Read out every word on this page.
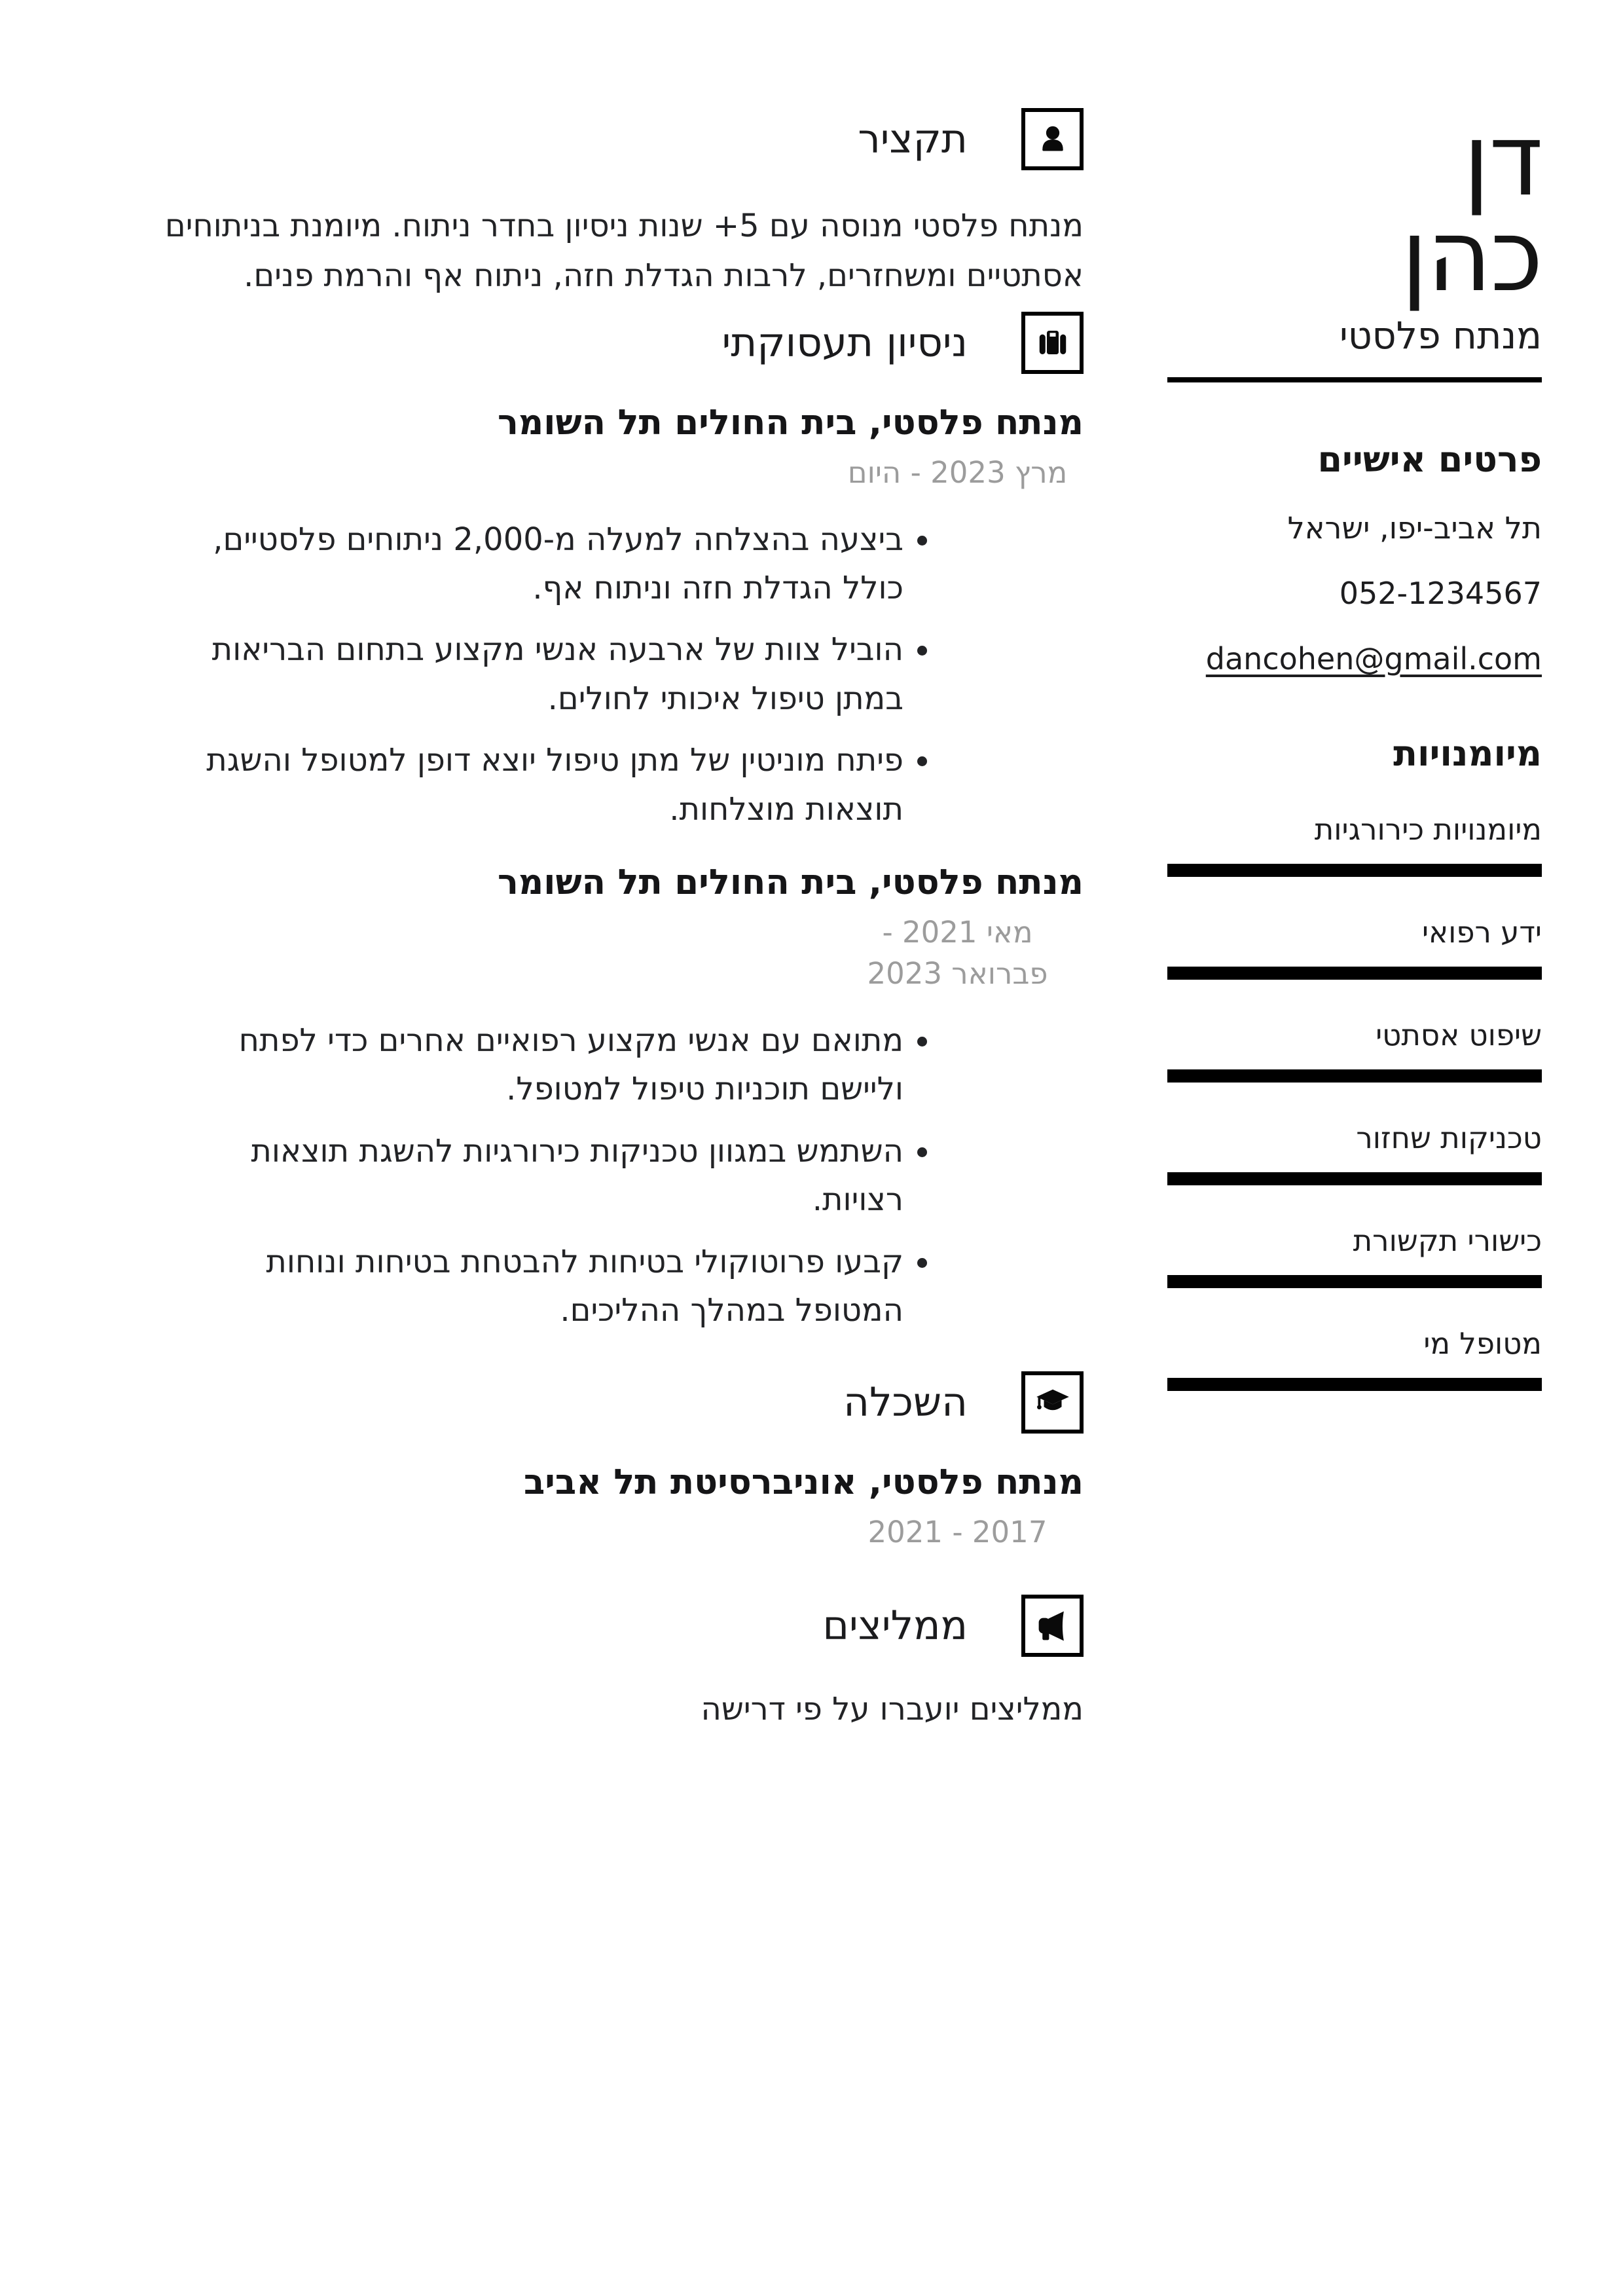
דן
כהן
מנתח פלסטי
פרטים אישיים
תל אביב-יפו, ישראל
052-1234567
dancohen@gmail.com
מיומנויות
מיומנויות כירורגיות
ידע רפואי
שיפוט אסתטי
טכניקות שחזור
כישורי תקשורת
מטופל מי
תקציר

מנתח פלסטי מנוסה עם 5+ שנות ניסיון בחדר ניתוח. מיומנת בניתוחים אסתטיים ומשחזרים, לרבות הגדלת חזה, ניתוח אף והרמת פנים.

ניסיון תעסוקתי
מנתח פלסטי, בית החולים תל השומר
מרץ 2023 - היום
• ביצעה בהצלחה למעלה מ-2,000 ניתוחים פלסטיים, כולל הגדלת חזה וניתוח אף.
• הוביל צוות של ארבעה אנשי מקצוע בתחום הבריאות במתן טיפול איכותי לחולים.
• פיתח מוניטין של מתן טיפול יוצא דופן למטופל והשגת תוצאות מוצלחות.
מנתח פלסטי, בית החולים תל השומר
מאי 2021 - פברואר 2023
• מתואם עם אנשי מקצוע רפואיים אחרים כדי לפתח וליישם תוכניות טיפול למטופל.
• השתמש במגוון טכניקות כירורגיות להשגת תוצאות רצויות.
• קבעו פרוטוקולי בטיחות להבטחת בטיחות ונוחות המטופל במהלך ההליכים.
השכלה
מנתח פלסטי, אוניברסיטת תל אביב
2017 - 2021
ממליצים

ממליצים יועברו על פי דרישה
